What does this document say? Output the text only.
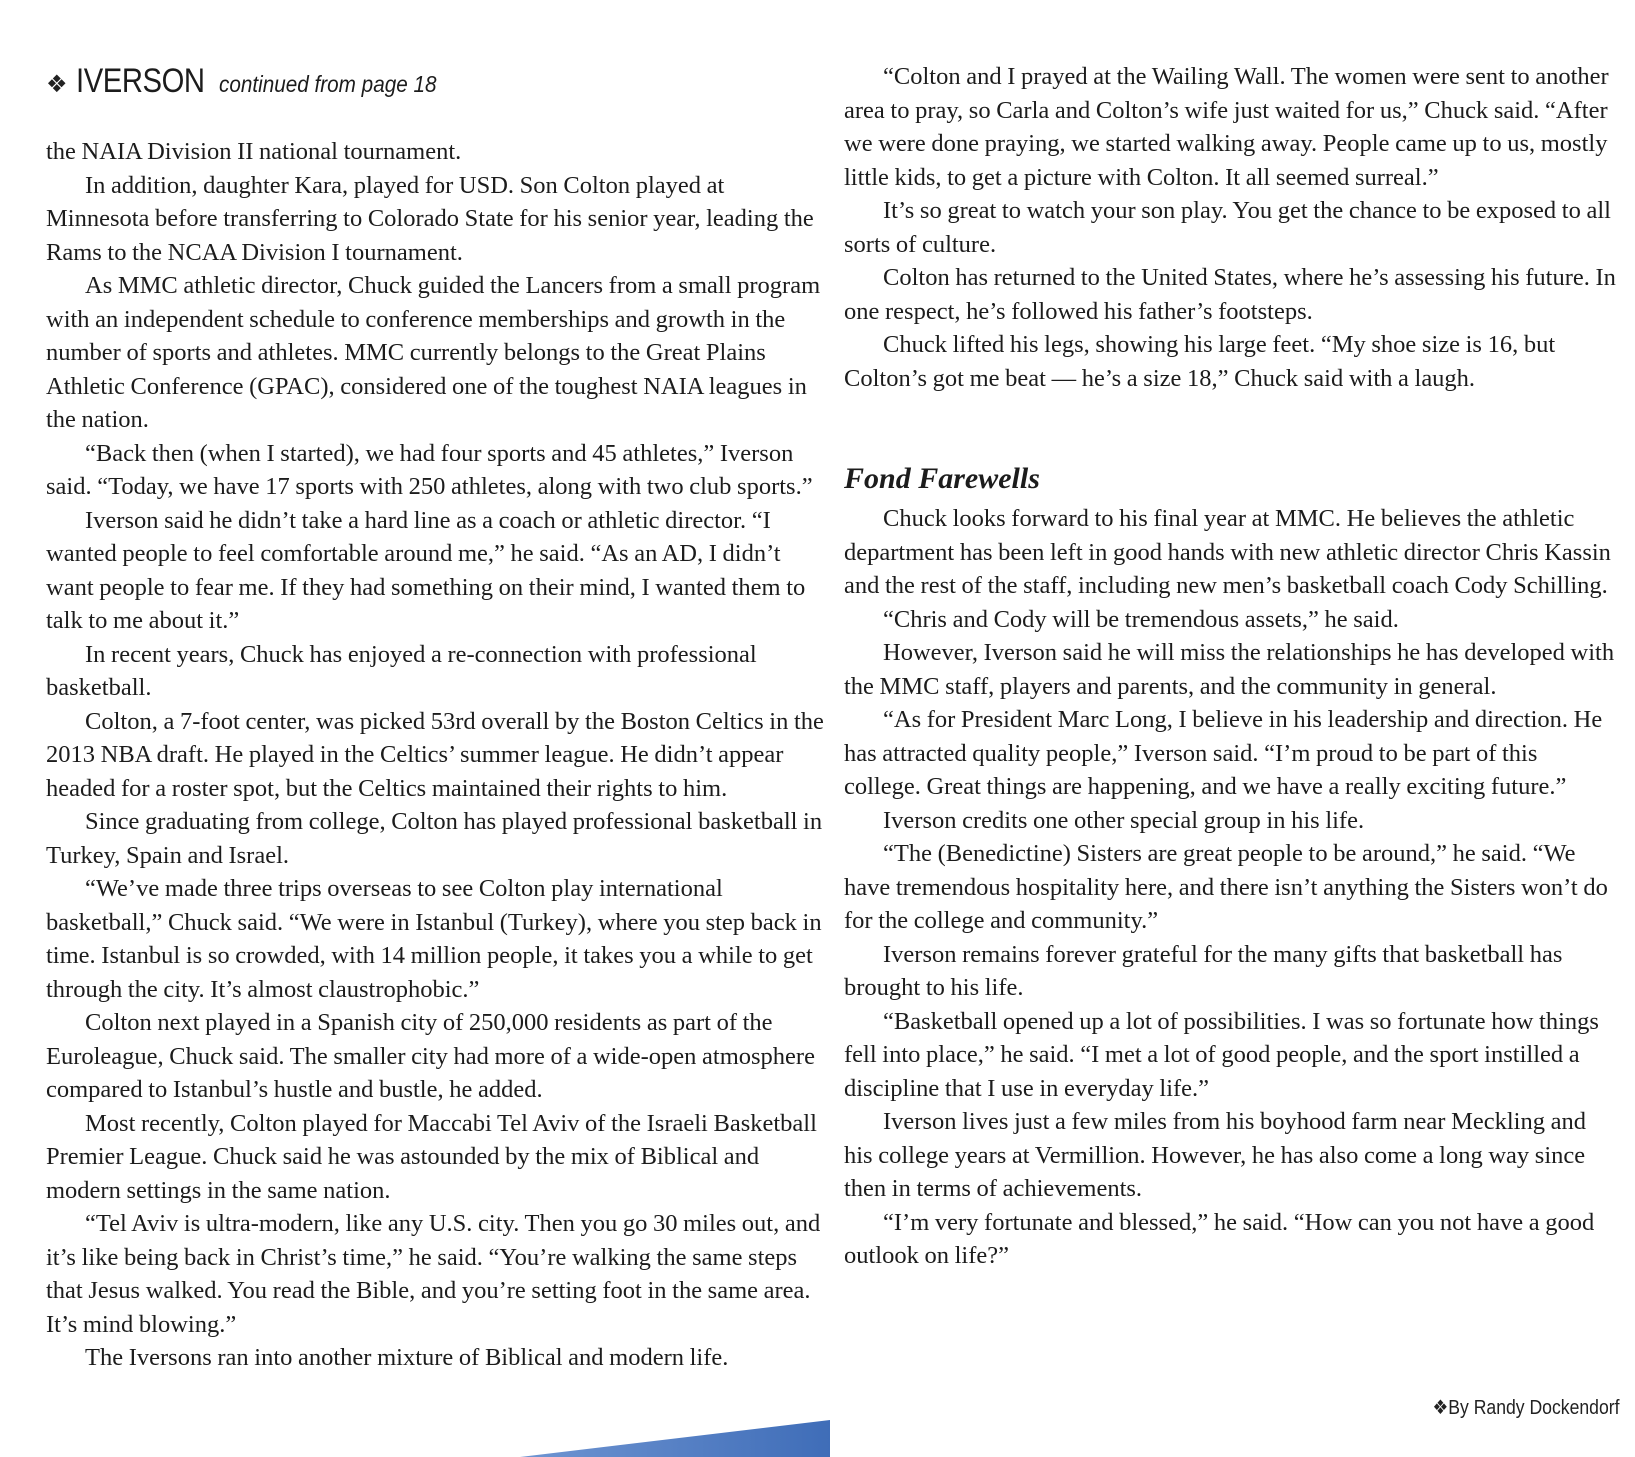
❖ IVERSON continued from page 18

the NAIA Division II national tournament.

In addition, daughter Kara, played for USD. Son Colton played at Minnesota before transferring to Colorado State for his senior year, leading the Rams to the NCAA Division I tournament.

As MMC athletic director, Chuck guided the Lancers from a small program with an independent schedule to conference memberships and growth in the number of sports and athletes. MMC currently belongs to the Great Plains Athletic Conference (GPAC), considered one of the toughest NAIA leagues in the nation.

“Back then (when I started), we had four sports and 45 athletes,” Iverson said. “Today, we have 17 sports with 250 athletes, along with two club sports.”

Iverson said he didn’t take a hard line as a coach or athletic director. “I wanted people to feel comfortable around me,” he said. “As an AD, I didn’t want people to fear me. If they had something on their mind, I wanted them to talk to me about it.”

In recent years, Chuck has enjoyed a re-connection with professional basketball.

Colton, a 7-foot center, was picked 53rd overall by the Boston Celtics in the 2013 NBA draft. He played in the Celtics’ summer league. He didn’t appear headed for a roster spot, but the Celtics maintained their rights to him.

Since graduating from college, Colton has played professional basketball in Turkey, Spain and Israel.

“We’ve made three trips overseas to see Colton play international basketball,” Chuck said. “We were in Istanbul (Turkey), where you step back in time. Istanbul is so crowded, with 14 million people, it takes you a while to get through the city. It’s almost claustrophobic.”

Colton next played in a Spanish city of 250,000 residents as part of the Euroleague, Chuck said. The smaller city had more of a wide-open atmosphere compared to Istanbul’s hustle and bustle, he added.

Most recently, Colton played for Maccabi Tel Aviv of the Israeli Basketball Premier League. Chuck said he was astounded by the mix of Biblical and modern settings in the same nation.

“Tel Aviv is ultra-modern, like any U.S. city. Then you go 30 miles out, and it’s like being back in Christ’s time,” he said. “You’re walking the same steps that Jesus walked. You read the Bible, and you’re setting foot in the same area. It’s mind blowing.”

The Iversons ran into another mixture of Biblical and modern life.

“Colton and I prayed at the Wailing Wall. The women were sent to another area to pray, so Carla and Colton’s wife just waited for us,” Chuck said. “After we were done praying, we started walking away. People came up to us, mostly little kids, to get a picture with Colton. It all seemed surreal.”

It’s so great to watch your son play. You get the chance to be exposed to all sorts of culture.

Colton has returned to the United States, where he’s assessing his future. In one respect, he’s followed his father’s footsteps.

Chuck lifted his legs, showing his large feet. “My shoe size is 16, but Colton’s got me beat — he’s a size 18,” Chuck said with a laugh.

Fond Farewells

Chuck looks forward to his final year at MMC. He believes the athletic department has been left in good hands with new athletic director Chris Kassin and the rest of the staff, including new men’s basketball coach Cody Schilling.

“Chris and Cody will be tremendous assets,” he said.

However, Iverson said he will miss the relationships he has developed with the MMC staff, players and parents, and the community in general.

“As for President Marc Long, I believe in his leadership and direction. He has attracted quality people,” Iverson said. “I’m proud to be part of this college. Great things are happening, and we have a really exciting future.”

Iverson credits one other special group in his life.

“The (Benedictine) Sisters are great people to be around,” he said. “We have tremendous hospitality here, and there isn’t anything the Sisters won’t do for the college and community.”

Iverson remains forever grateful for the many gifts that basketball has brought to his life.

“Basketball opened up a lot of possibilities. I was so fortunate how things fell into place,” he said. “I met a lot of good people, and the sport instilled a discipline that I use in everyday life.”

Iverson lives just a few miles from his boyhood farm near Meckling and his college years at Vermillion. However, he has also come a long way since then in terms of achievements.

“I’m very fortunate and blessed,” he said. “How can you not have a good outlook on life?”

❖By Randy Dockendorf
